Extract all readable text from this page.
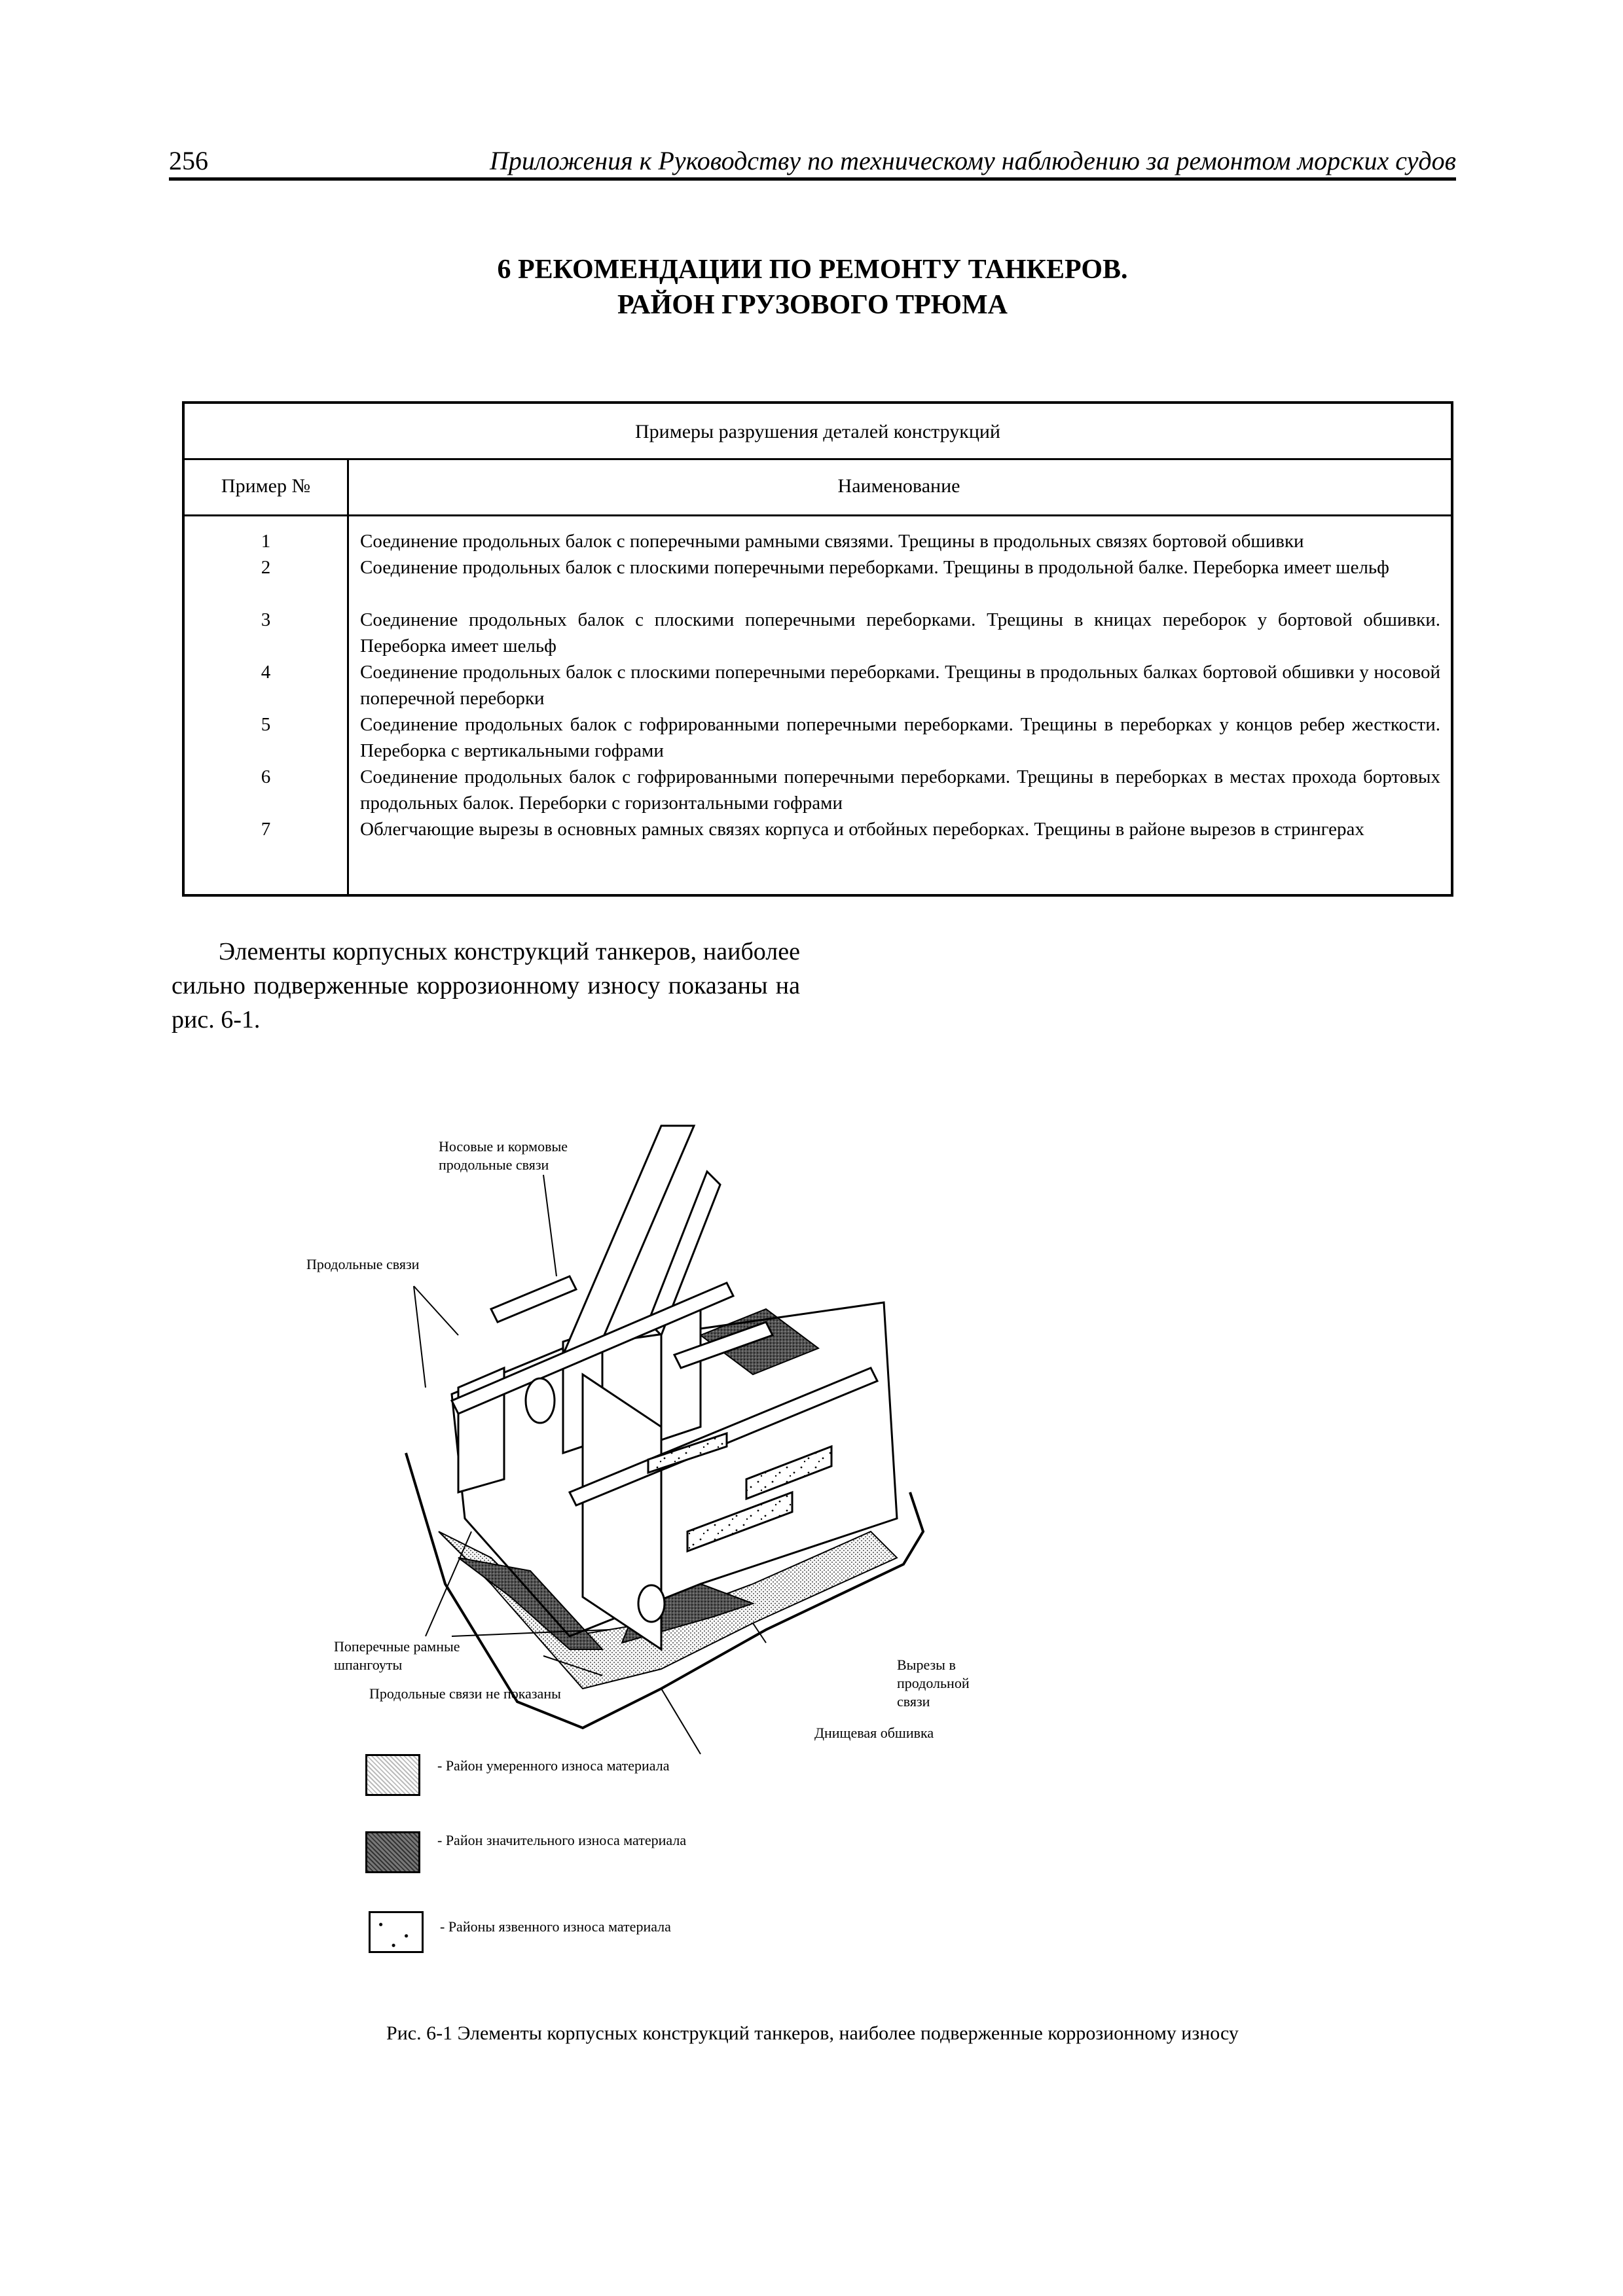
256	Приложения к Руководству по техническому наблюдению за ремонтом морских судов
6 РЕКОМЕНДАЦИИ ПО РЕМОНТУ ТАНКЕРОВ.
РАЙОН ГРУЗОВОГО ТРЮМА
Примеры разрушения деталей конструкций
Пример №	Наименование
1	Соединение продольных балок с поперечными рамными связями. Трещины в продольных связях бортовой обшивки
2	Соединение продольных балок с плоскими поперечными переборками. Трещины в продольной балке. Переборка имеет шельф
3	Соединение продольных балок с плоскими поперечными переборками. Трещины в кницах переборок у бортовой обшивки. Переборка имеет шельф
4	Соединение продольных балок с плоскими поперечными переборками. Трещины в продольных балках бортовой обшивки у носовой поперечной переборки
5	Соединение продольных балок с гофрированными поперечными переборками. Трещины в переборках у концов ребер жесткости. Переборка с вертикальными гофрами
6	Соединение продольных балок с гофрированными поперечными переборками. Трещины в переборках в местах прохода бортовых продольных балок. Переборки с горизонтальными гофрами
7	Облегчающие вырезы в основных рамных связях корпуса и отбойных переборках. Трещины в районе вырезов в стрингерах
Элементы корпусных конструкций танкеров, наиболее сильно подверженные коррозионному износу показаны на рис. 6-1.
Носовые и кормовые продольные связи
Продольные связи
Поперечные рамные шпангоуты
Продольные связи не показаны
Вырезы в продольной связи
Днищевая обшивка
- Район умеренного износа материала
- Район значительного износа материала
- Районы язвенного износа материала
Рис. 6-1 Элементы корпусных конструкций танкеров, наиболее подверженные коррозионному износу
